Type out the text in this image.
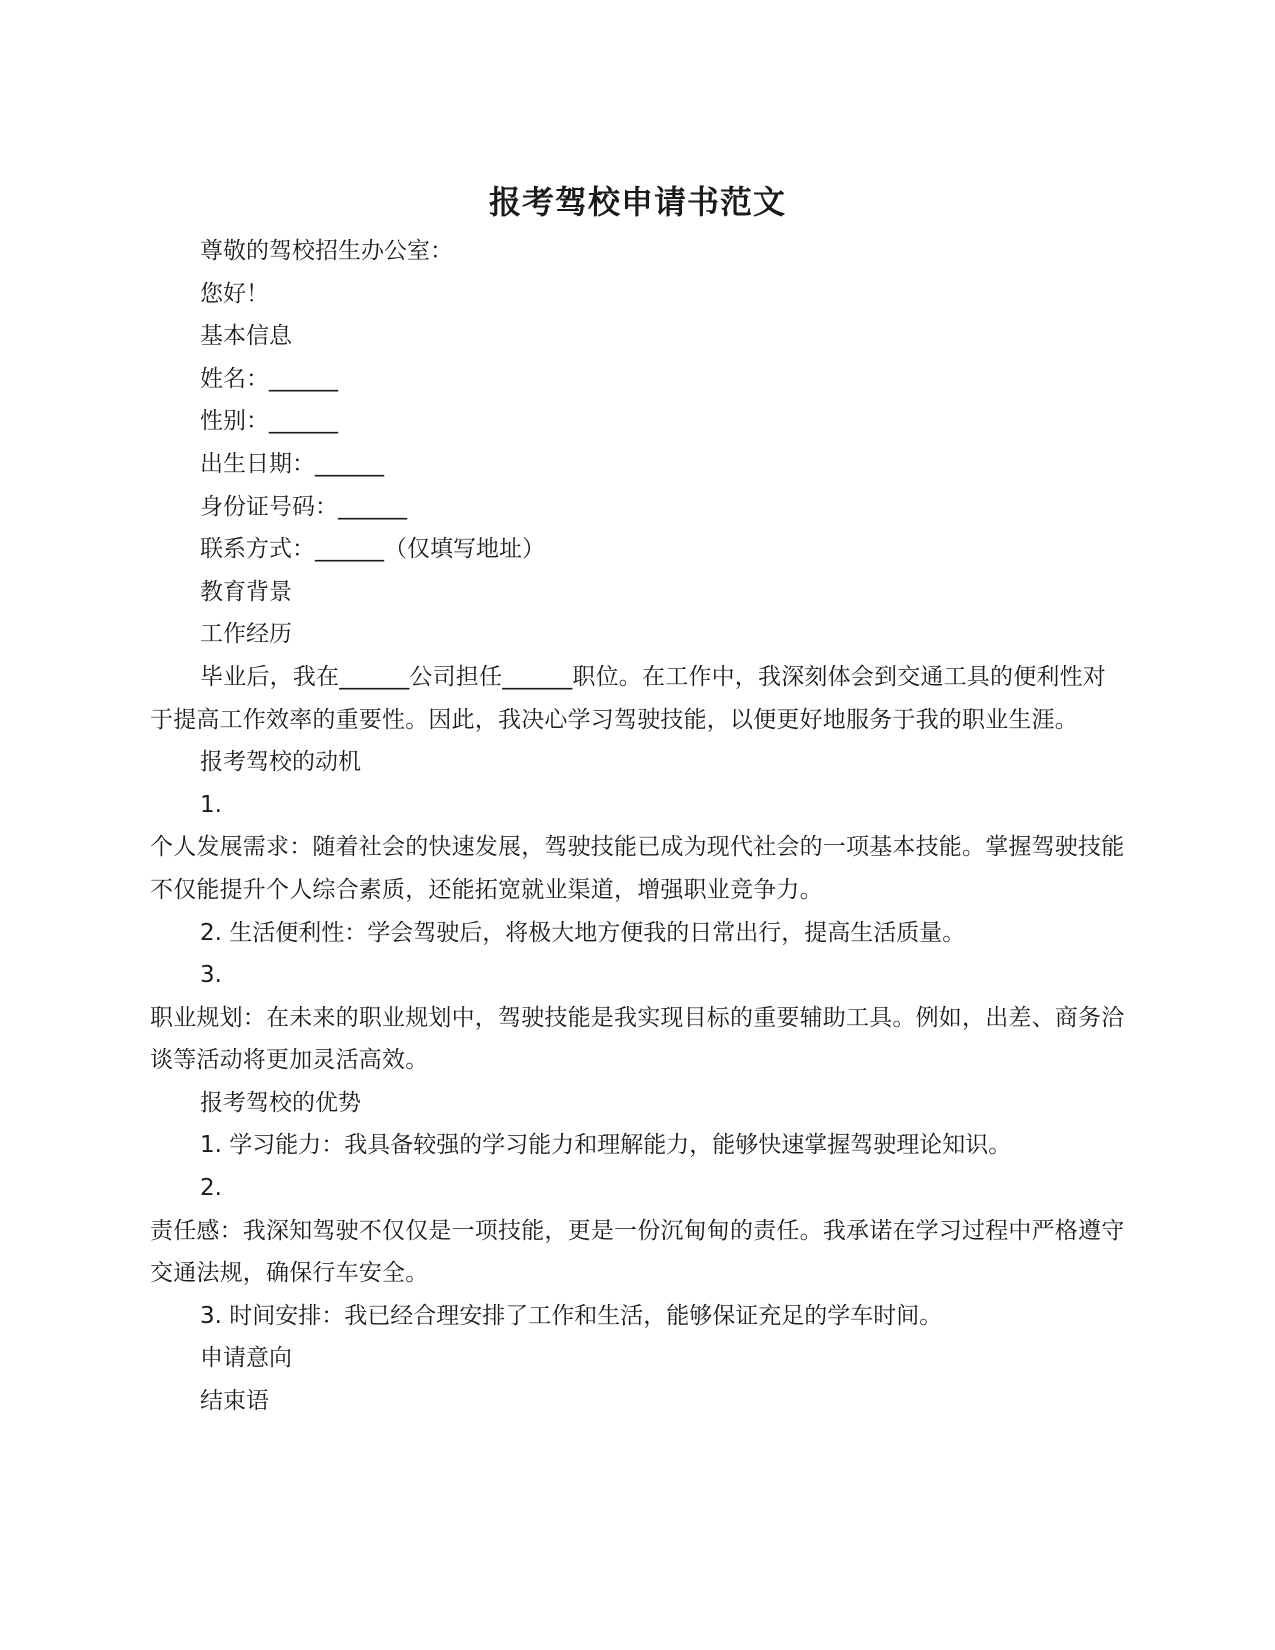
报考驾校申请书范文

尊敬的驾校招生办公室：

您好！

基本信息

姓名：______

性别：______

出生日期：______

身份证号码：______

联系方式：______（仅填写地址）

教育背景

工作经历

毕业后，我在______公司担任______职位。在工作中，我深刻体会到交通工具的便利性对于提高工作效率的重要性。因此，我决心学习驾驶技能，以便更好地服务于我的职业生涯。

报考驾校的动机

1.

个人发展需求：随着社会的快速发展，驾驶技能已成为现代社会的一项基本技能。掌握驾驶技能不仅能提升个人综合素质，还能拓宽就业渠道，增强职业竞争力。

2. 生活便利性：学会驾驶后，将极大地方便我的日常出行，提高生活质量。

3.

职业规划：在未来的职业规划中，驾驶技能是我实现目标的重要辅助工具。例如，出差、商务洽谈等活动将更加灵活高效。

报考驾校的优势

1. 学习能力：我具备较强的学习能力和理解能力，能够快速掌握驾驶理论知识。

2.

责任感：我深知驾驶不仅仅是一项技能，更是一份沉甸甸的责任。我承诺在学习过程中严格遵守交通法规，确保行车安全。

3. 时间安排：我已经合理安排了工作和生活，能够保证充足的学车时间。

申请意向

结束语
